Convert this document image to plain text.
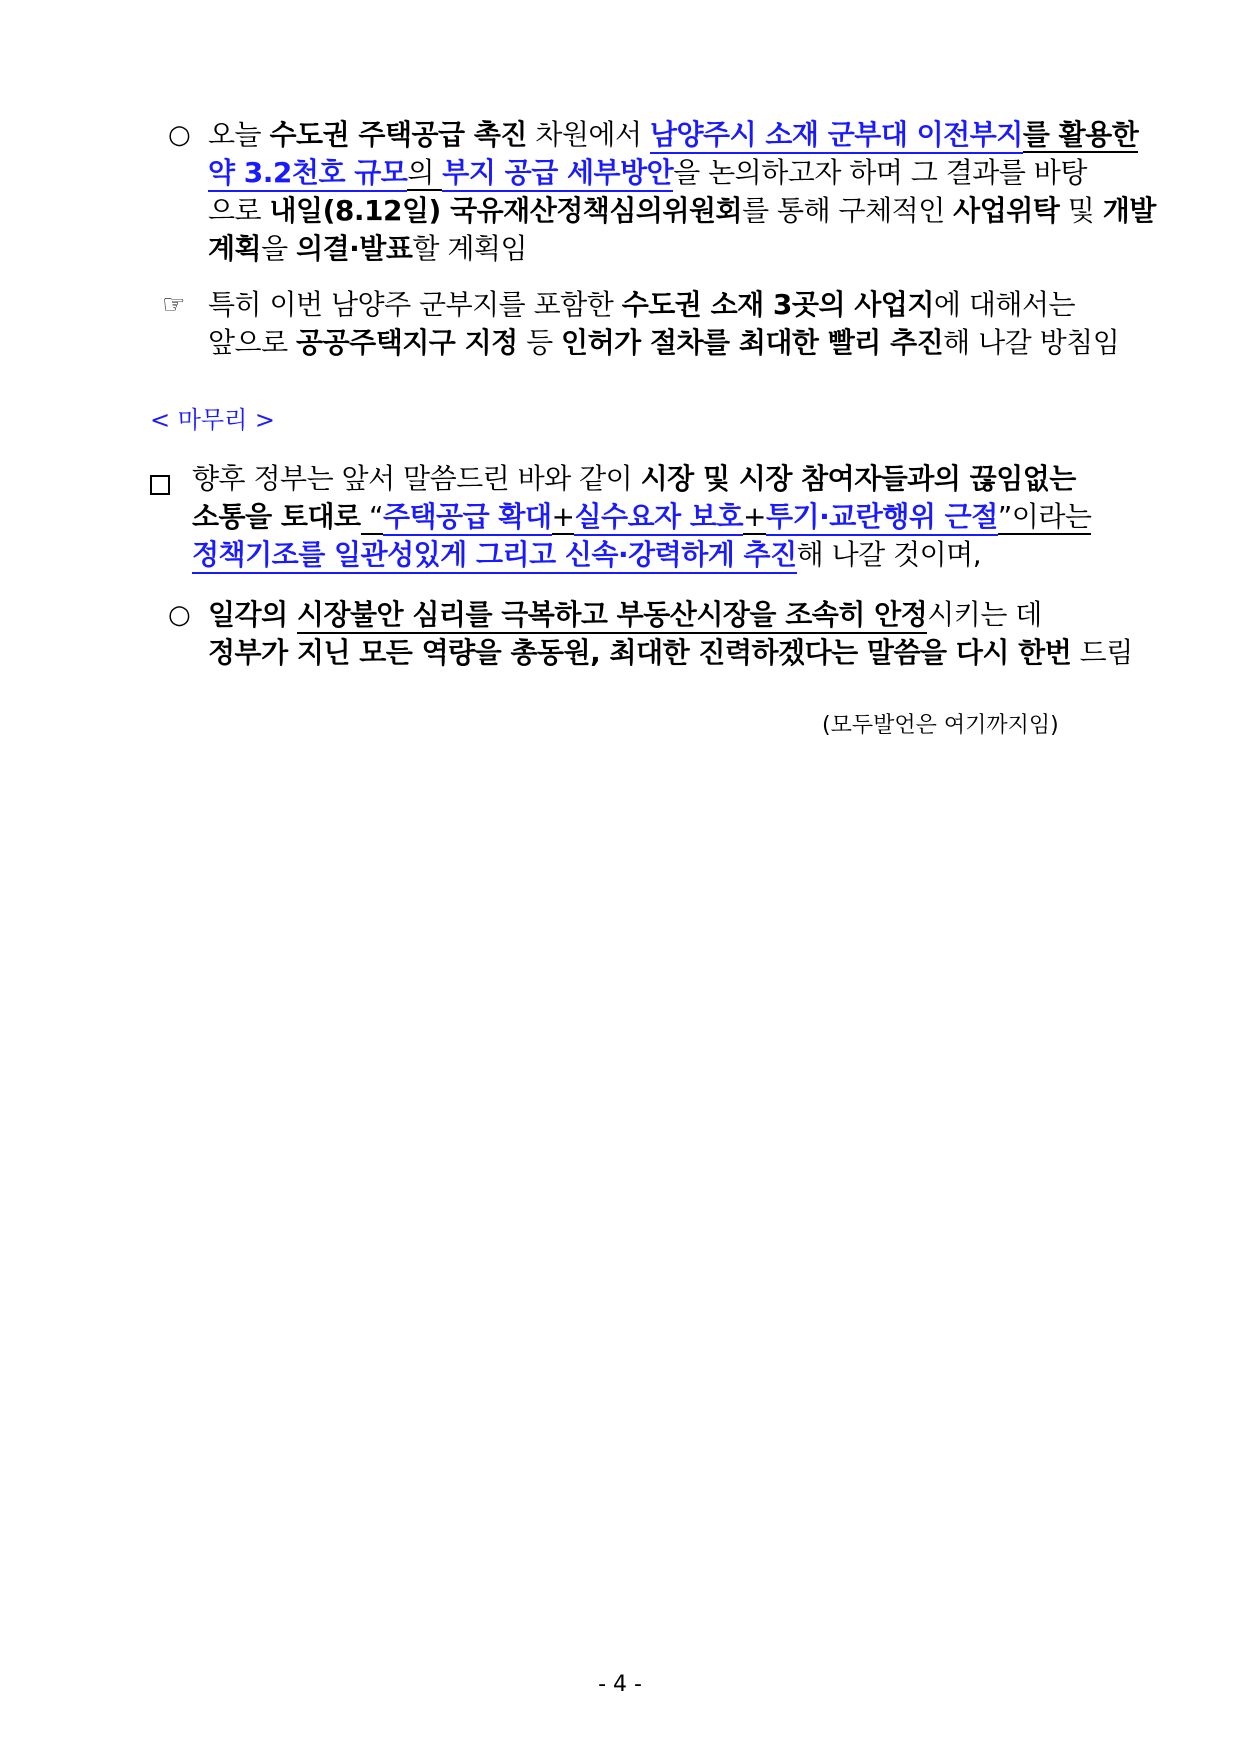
○ 오늘 수도권 주택공급 촉진 차원에서 남양주시 소재 군부대 이전부지를 활용한
약 3.2천호 규모의 부지 공급 세부방안을 논의하고자 하며 그 결과를 바탕
으로 내일(8.12일) 국유재산정책심의위원회를 통해 구체적인 사업위탁 및 개발
계획을 의결·발표할 계획임
☞ 특히 이번 남양주 군부지를 포함한 수도권 소재 3곳의 사업지에 대해서는
앞으로 공공주택지구 지정 등 인허가 절차를 최대한 빨리 추진해 나갈 방침임
< 마무리 >
향후 정부는 앞서 말씀드린 바와 같이 시장 및 시장 참여자들과의 끊임없는
소통을 토대로 “주택공급 확대+실수요자 보호+투기·교란행위 근절”이라는
정책기조를 일관성있게 그리고 신속·강력하게 추진해 나갈 것이며,
○ 일각의 시장불안 심리를 극복하고 부동산시장을 조속히 안정시키는 데
정부가 지닌 모든 역량을 총동원, 최대한 진력하겠다는 말씀을 다시 한번 드림
(모두발언은 여기까지임)
- 4 -
